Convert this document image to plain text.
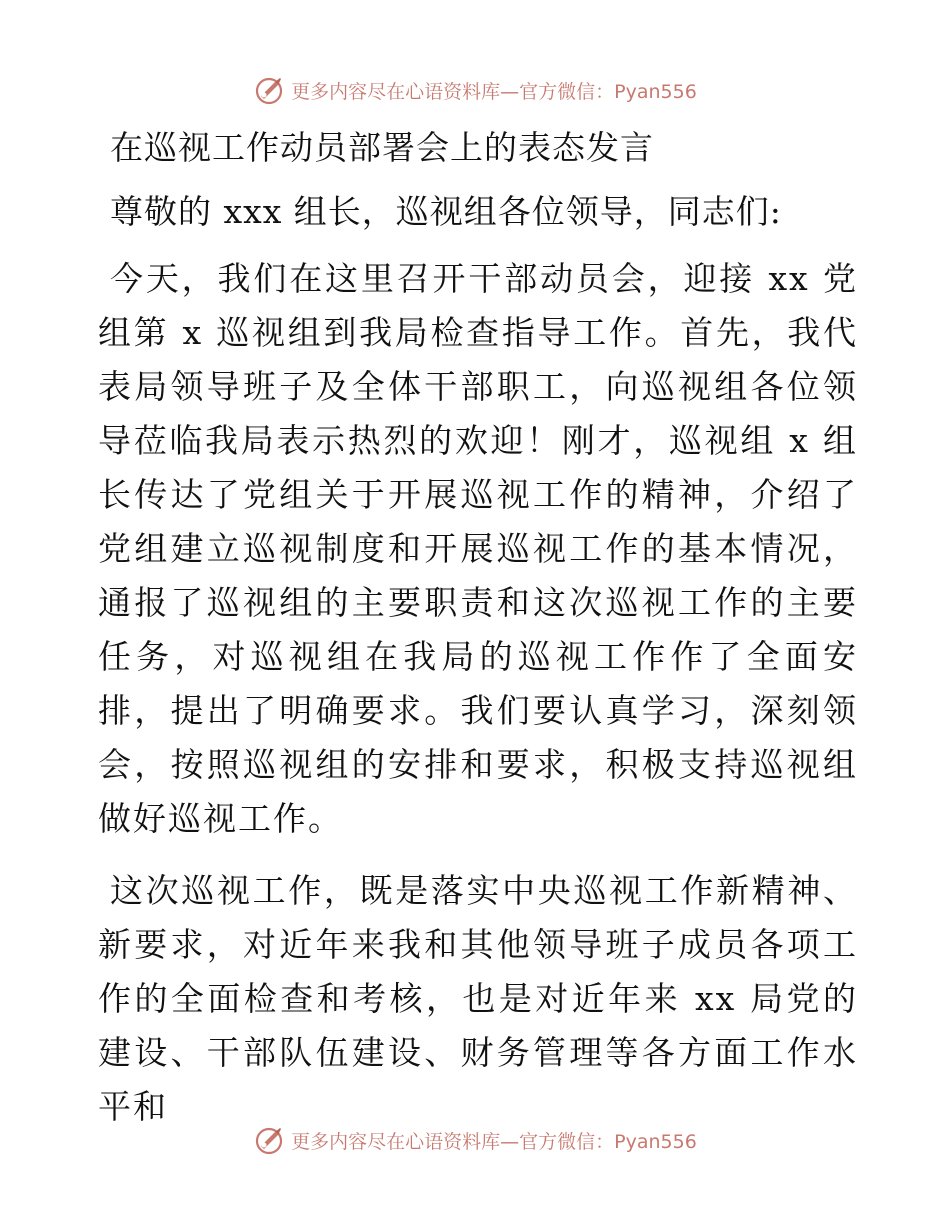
更多内容尽在心语资料库—官方微信：Pyan556
在巡视工作动员部署会上的表态发言

尊敬的 xxx 组长，巡视组各位领导，同志们:

今天，我们在这里召开干部动员会，迎接 xx 党组第 x 巡视组到我局检查指导工作。首先，我代表局领导班子及全体干部职工，向巡视组各位领导莅临我局表示热烈的欢迎！刚才，巡视组 x 组长传达了党组关于开展巡视工作的精神，介绍了党组建立巡视制度和开展巡视工作的基本情况，通报了巡视组的主要职责和这次巡视工作的主要任务，对巡视组在我局的巡视工作作了全面安排，提出了明确要求。我们要认真学习，深刻领会，按照巡视组的安排和要求，积极支持巡视组做好巡视工作。

这次巡视工作，既是落实中央巡视工作新精神、新要求，对近年来我和其他领导班子成员各项工作的全面检查和考核，也是对近年来 xx 局党的建设、干部队伍建设、财务管理等各方面工作水平和

更多内容尽在心语资料库—官方微信：Pyan556
